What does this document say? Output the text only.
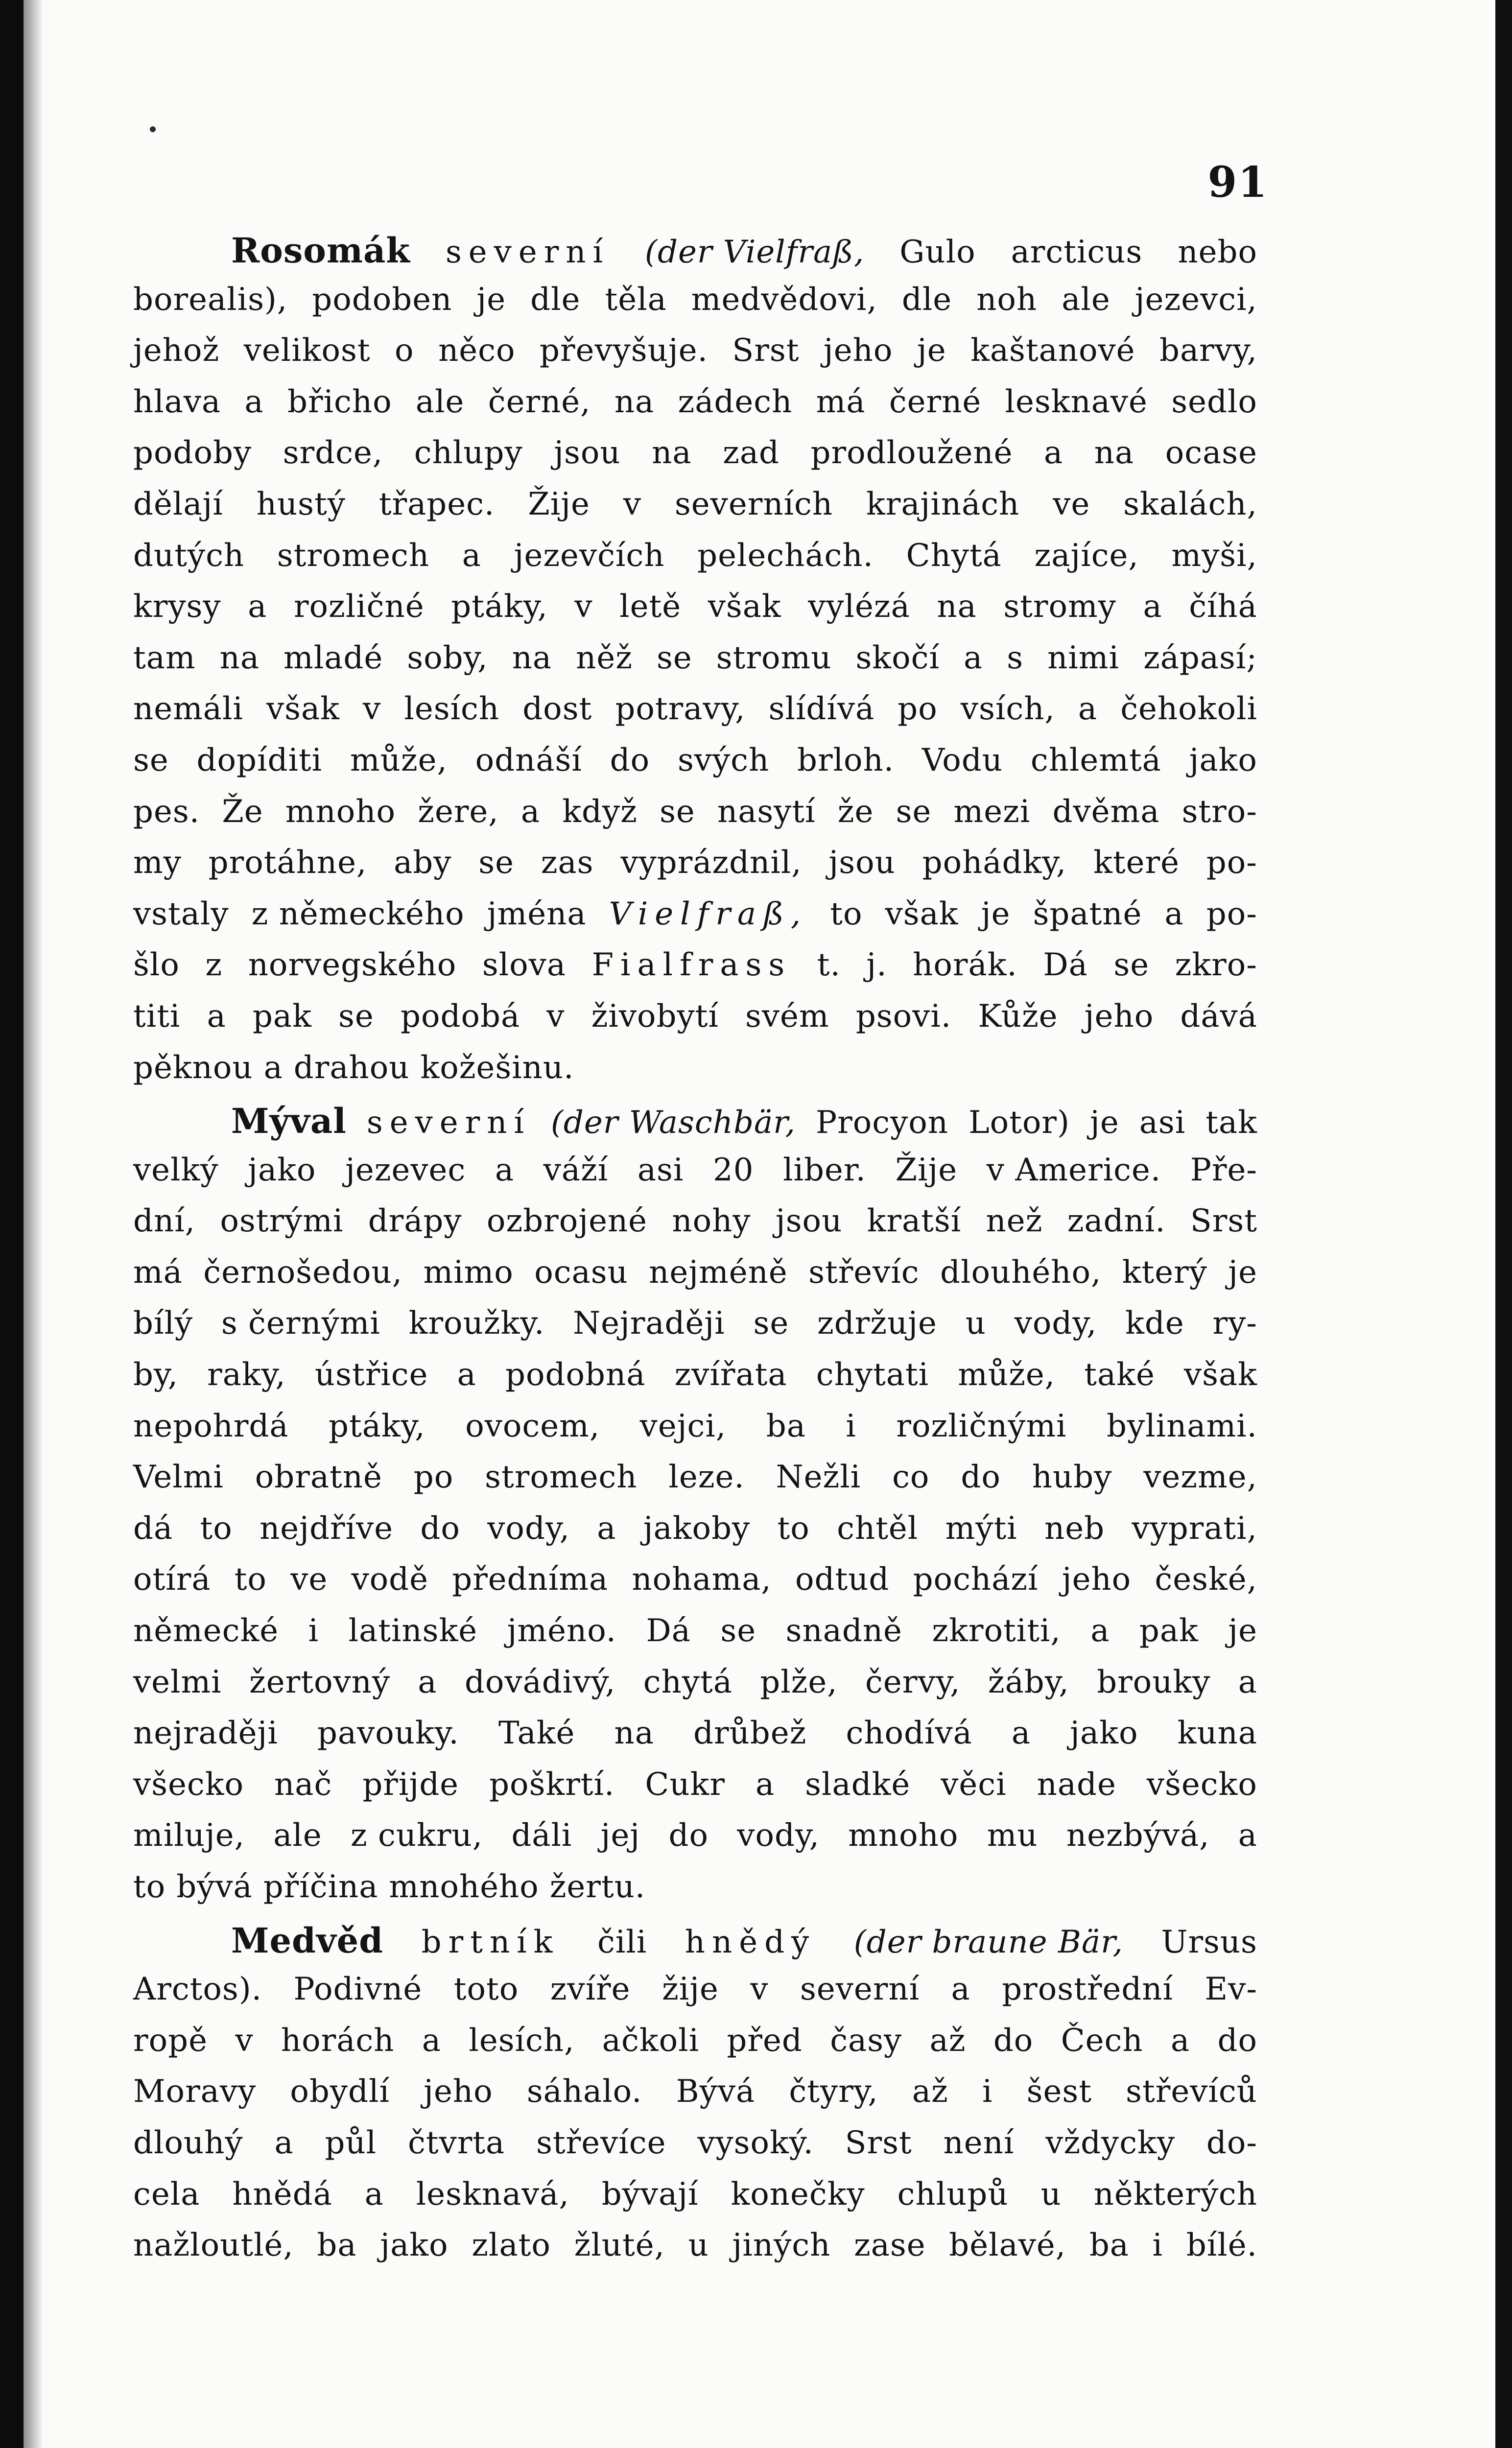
91
Rosomák severní (der Vielfraß, Gulo arcticus nebo
borealis), podoben je dle těla medvědovi, dle noh ale jezevci,
jehož velikost o něco převyšuje. Srst jeho je kaštanové barvy,
hlava a břicho ale černé, na zádech má černé lesknavé sedlo
podoby srdce, chlupy jsou na zad prodloužené a na ocase
dělají hustý třapec. Žije v severních krajinách ve skalách,
dutých stromech a jezevčích pelechách. Chytá zajíce, myši,
krysy a rozličné ptáky, v letě však vylézá na stromy a číhá
tam na mladé soby, na něž se stromu skočí a s nimi zápasí;
nemáli však v lesích dost potravy, slídívá po vsích, a čehokoli
se dopíditi může, odnáší do svých brloh. Vodu chlemtá jako
pes. Že mnoho žere, a když se nasytí že se mezi dvěma stro-
my protáhne, aby se zas vyprázdnil, jsou pohádky, které po-
vstaly z německého jména Vielfraß, to však je špatné a po-
šlo z norvegského slova Fialfrass t. j. horák. Dá se zkro-
titi a pak se podobá v živobytí svém psovi. Kůže jeho dává
pěknou a drahou kožešinu.
Mýval severní (der Waschbär, Procyon Lotor) je asi tak
velký jako jezevec a váží asi 20 liber. Žije v Americe. Pře-
dní, ostrými drápy ozbrojené nohy jsou kratší než zadní. Srst
má černošedou, mimo ocasu nejméně střevíc dlouhého, který je
bílý s černými kroužky. Nejraději se zdržuje u vody, kde ry-
by, raky, ústřice a podobná zvířata chytati může, také však
nepohrdá ptáky, ovocem, vejci, ba i rozličnými bylinami.
Velmi obratně po stromech leze. Nežli co do huby vezme,
dá to nejdříve do vody, a jakoby to chtěl mýti neb vyprati,
otírá to ve vodě předníma nohama, odtud pochází jeho české,
německé i latinské jméno. Dá se snadně zkrotiti, a pak je
velmi žertovný a dovádivý, chytá plže, červy, žáby, brouky a
nejraději pavouky. Také na drůbež chodívá a jako kuna
všecko nač přijde poškrtí. Cukr a sladké věci nade všecko
miluje, ale z cukru, dáli jej do vody, mnoho mu nezbývá, a
to bývá příčina mnohého žertu.
Medvěd brtník čili hnědý (der braune Bär, Ursus
Arctos). Podivné toto zvíře žije v severní a prostřední Ev-
ropě v horách a lesích, ačkoli před časy až do Čech a do
Moravy obydlí jeho sáhalo. Bývá čtyry, až i šest střevíců
dlouhý a půl čtvrta střevíce vysoký. Srst není vždycky do-
cela hnědá a lesknavá, bývají konečky chlupů u některých
nažloutlé, ba jako zlato žluté, u jiných zase bělavé, ba i bílé.
